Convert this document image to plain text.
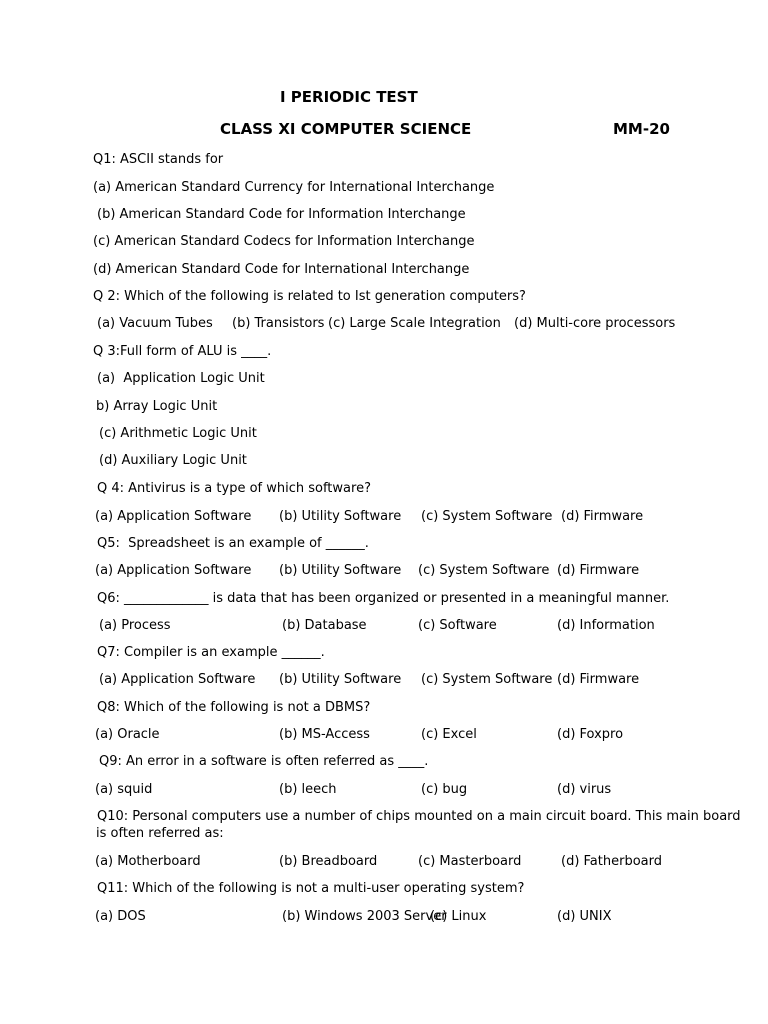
I PERIODIC TEST
CLASS XI COMPUTER SCIENCE	MM-20
Q1: ASCII stands for
(a) American Standard Currency for International Interchange
(b) American Standard Code for Information Interchange
(c) American Standard Codecs for Information Interchange
(d) American Standard Code for International Interchange
Q 2: Which of the following is related to Ist generation computers?
(a) Vacuum Tubes (b) Transistors (c) Large Scale Integration (d) Multi-core processors
Q 3:Full form of ALU is ____.
(a)  Application Logic Unit
b) Array Logic Unit
(c) Arithmetic Logic Unit
(d) Auxiliary Logic Unit
Q 4: Antivirus is a type of which software?
(a) Application Software (b) Utility Software (c) System Software (d) Firmware
Q5:  Spreadsheet is an example of ______.
(a) Application Software (b) Utility Software (c) System Software (d) Firmware
Q6: _____________ is data that has been organized or presented in a meaningful manner.
(a) Process	(b) Database	(c) Software	(d) Information
Q7: Compiler is an example ______.
(a) Application Software (b) Utility Software (c) System Software (d) Firmware
Q8: Which of the following is not a DBMS?
(a) Oracle	(b) MS-Access	(c) Excel	(d) Foxpro
Q9: An error in a software is often referred as ____.
(a) squid	(b) leech	(c) bug	(d) virus
Q10: Personal computers use a number of chips mounted on a main circuit board. This main board
is often referred as:
(a) Motherboard	(b) Breadboard	(c) Masterboard	(d) Fatherboard
Q11: Which of the following is not a multi-user operating system?
(a) DOS	(b) Windows 2003 Server
(c) Linux	(d) UNIX
